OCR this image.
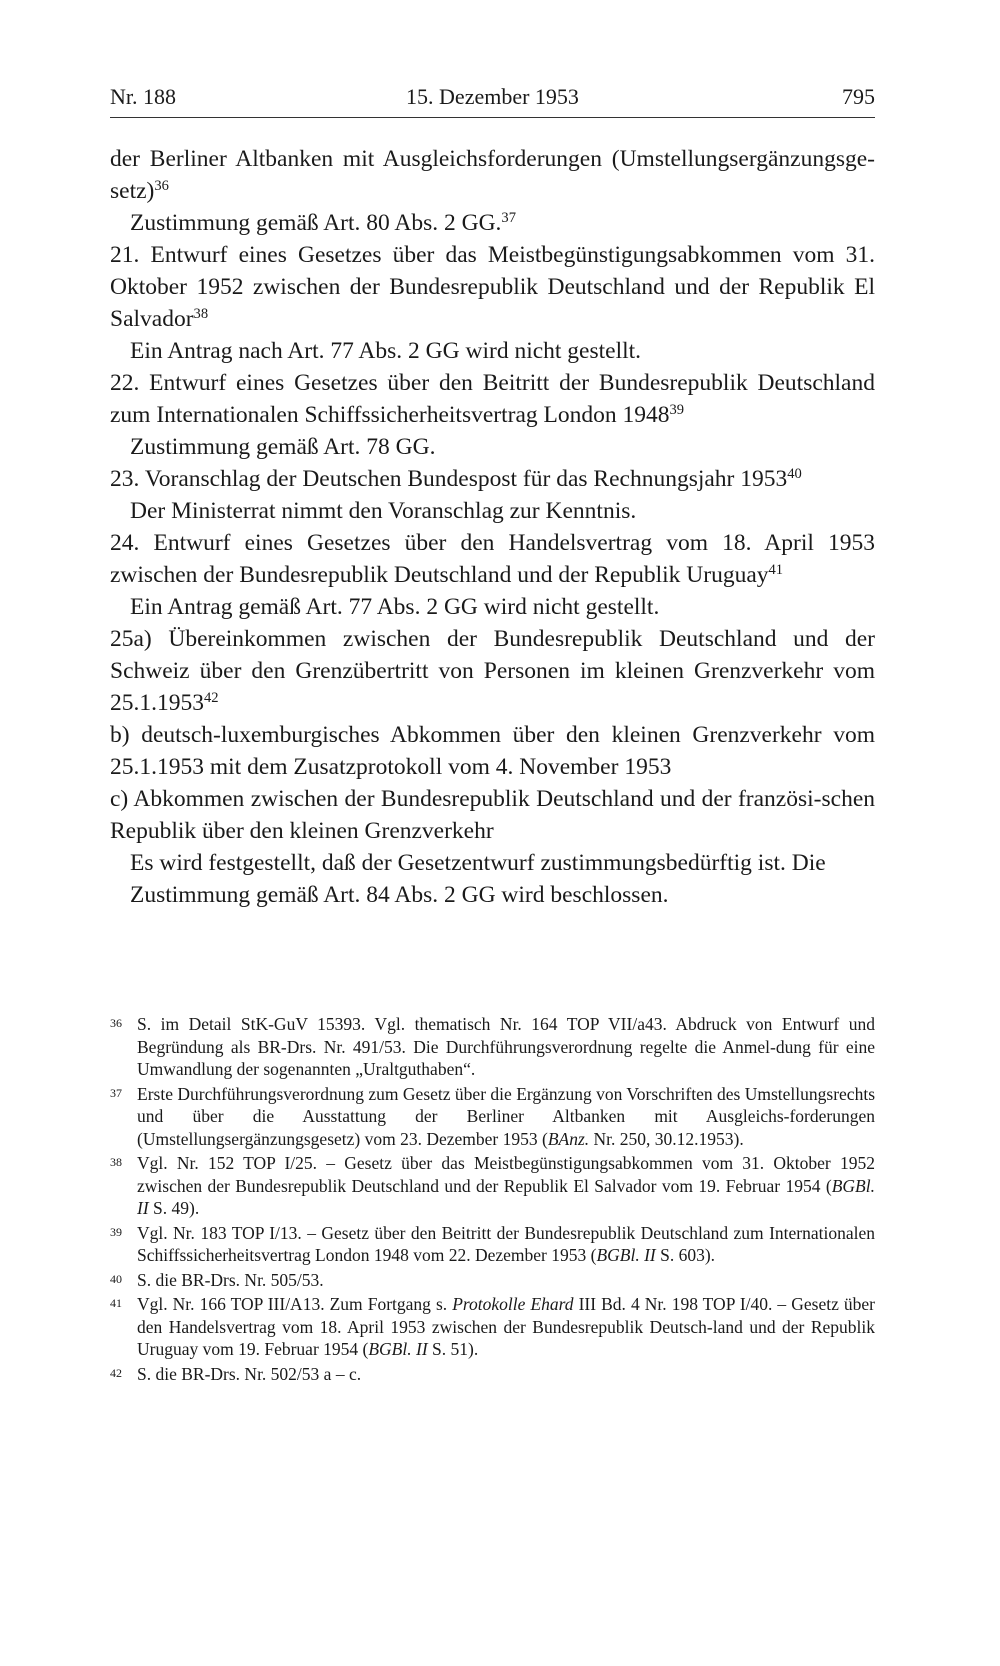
Nr. 188	15. Dezember 1953	795

der Berliner Altbanken mit Ausgleichsforderungen (Umstellungsergänzungsge-setz)$^{36}$

Zustimmung gemäß Art. 80 Abs. 2 GG.$^{37}$

21. Entwurf eines Gesetzes über das Meistbegünstigungsabkommen vom 31. Oktober 1952 zwischen der Bundesrepublik Deutschland und der Republik El Salvador$^{38}$

Ein Antrag nach Art. 77 Abs. 2 GG wird nicht gestellt.

22. Entwurf eines Gesetzes über den Beitritt der Bundesrepublik Deutschland zum Internationalen Schiffssicherheitsvertrag London 1948$^{39}$

Zustimmung gemäß Art. 78 GG.

23. Voranschlag der Deutschen Bundespost für das Rechnungsjahr 1953$^{40}$

Der Ministerrat nimmt den Voranschlag zur Kenntnis.

24. Entwurf eines Gesetzes über den Handelsvertrag vom 18. April 1953 zwischen der Bundesrepublik Deutschland und der Republik Uruguay$^{41}$

Ein Antrag gemäß Art. 77 Abs. 2 GG wird nicht gestellt.

25a) Übereinkommen zwischen der Bundesrepublik Deutschland und der Schweiz über den Grenzübertritt von Personen im kleinen Grenzverkehr vom 25.1.1953$^{42}$

b) deutsch-luxemburgisches Abkommen über den kleinen Grenzverkehr vom 25.1.1953 mit dem Zusatzprotokoll vom 4. November 1953

c) Abkommen zwischen der Bundesrepublik Deutschland und der französi-schen Republik über den kleinen Grenzverkehr

Es wird festgestellt, daß der Gesetzentwurf zustimmungsbedürftig ist. Die Zustimmung gemäß Art. 84 Abs. 2 GG wird beschlossen.

36 S. im Detail StK-GuV 15393. Vgl. thematisch Nr. 164 TOP VII/a43. Abdruck von Entwurf und Begründung als BR-Drs. Nr. 491/53. Die Durchführungsverordnung regelte die Anmel-dung für eine Umwandlung der sogenannten „Uraltguthaben“.
37 Erste Durchführungsverordnung zum Gesetz über die Ergänzung von Vorschriften des Umstellungsrechts und über die Ausstattung der Berliner Altbanken mit Ausgleichs-forderungen (Umstellungsergänzungsgesetz) vom 23. Dezember 1953 (BAnz. Nr. 250, 30.12.1953).
38 Vgl. Nr. 152 TOP I/25. – Gesetz über das Meistbegünstigungsabkommen vom 31. Oktober 1952 zwischen der Bundesrepublik Deutschland und der Republik El Salvador vom 19. Februar 1954 (BGBl. II S. 49).
39 Vgl. Nr. 183 TOP I/13. – Gesetz über den Beitritt der Bundesrepublik Deutschland zum Internationalen Schiffssicherheitsvertrag London 1948 vom 22. Dezember 1953 (BGBl. II S. 603).
40 S. die BR-Drs. Nr. 505/53.
41 Vgl. Nr. 166 TOP III/A13. Zum Fortgang s. Protokolle Ehard III Bd. 4 Nr. 198 TOP I/40. – Gesetz über den Handelsvertrag vom 18. April 1953 zwischen der Bundesrepublik Deutsch-land und der Republik Uruguay vom 19. Februar 1954 (BGBl. II S. 51).
42 S. die BR-Drs. Nr. 502/53 a – c.
